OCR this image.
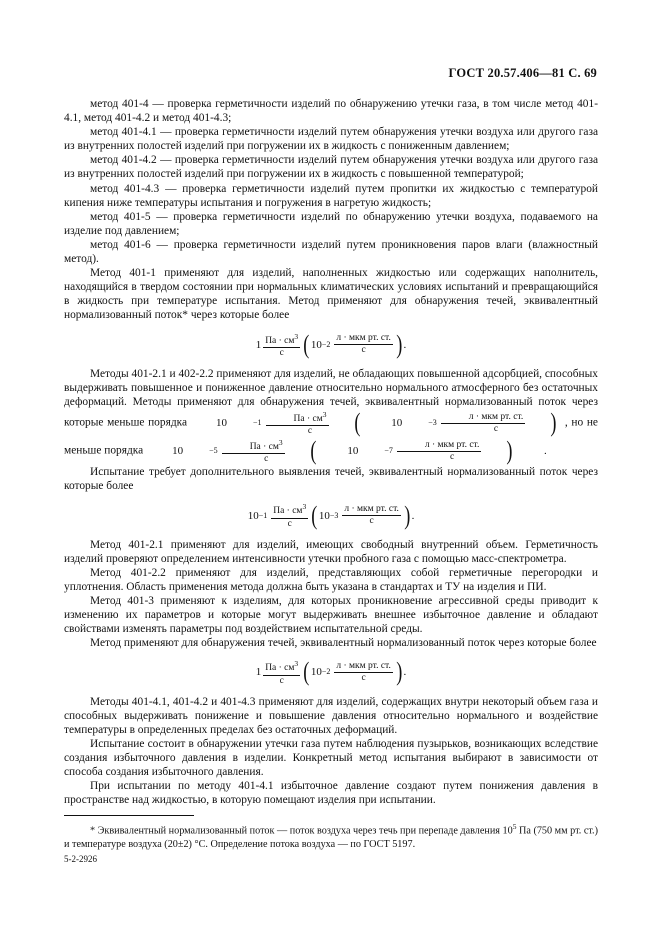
ГОСТ 20.57.406—81 С. 69

метод 401-4 — проверка герметичности изделий по обнаружению утечки газа, в том числе метод 401-4.1, метод 401-4.2 и метод 401-4.3;

метод 401-4.1 — проверка герметичности изделий путем обнаружения утечки воздуха или другого газа из внутренних полостей изделий при погружении их в жидкость с пониженным давлением;

метод 401-4.2 — проверка герметичности изделий путем обнаружения утечки воздуха или другого газа из внутренних полостей изделий при погружении их в жидкость с повышенной температурой;

метод 401-4.3 — проверка герметичности изделий путем пропитки их жидкостью с температурой кипения ниже температуры испытания и погружения в нагретую жидкость;

метод 401-5 — проверка герметичности изделий по обнаружению утечки воздуха, подаваемого на изделие под давлением;

метод 401-6 — проверка герметичности изделий путем проникновения паров влаги (влажностный метод).

Метод 401-1 применяют для изделий, наполненных жидкостью или содержащих наполнитель, находящийся в твердом состоянии при нормальных климатических условиях испытаний и превращающийся в жидкость при температуре испытания. Метод применяют для обнаружения течей, эквивалентный нормализованный поток* через которые более

$1 \frac{Па \cdot см^3}{с}$ ( $10 -2 \frac{\text{л · мкм рт. ст.}}{с}$ ) .

Методы 401-2.1 и 402-2.2 применяют для изделий, не обладающих повышенной адсорбцией, способных выдерживать повышенное и пониженное давление относительно нормального атмосферного без остаточных деформаций. Методы применяют для обнаружения течей, эквивалентный нормализованный поток через которые меньше порядка	10	$-1 \frac{Па \cdot см^3}{с}$ (	10	$-3 \frac{\text{л · мкм рт. ст.}}{с}$ ) , но не меньше порядка	10	$-5 \frac{Па \cdot см^3}{с}$ (	10	$-7 \frac{\text{л · мкм рт. ст.}}{с}$ )	.

Испытание требует дополнительного выявления течей, эквивалентный нормализованный поток через которые более

$10 -1 \frac{Па \cdot см^3}{с}$ ( $10 -3 \frac{\text{л · мкм рт. ст.}}{с}$ ) .

Метод 401-2.1 применяют для изделий, имеющих свободный внутренний объем. Герметичность изделий проверяют определением интенсивности утечки пробного газа с помощью масс-спектрометра.

Метод 401-2.2 применяют для изделий, представляющих собой герметичные перегородки и уплотнения. Область применения метода должна быть указана в стандартах и ТУ на изделия и ПИ.

Метод 401-3 применяют к изделиям, для которых проникновение агрессивной среды приводит к изменению их параметров и которые могут выдерживать внешнее избыточное давление и обладают свойствами изменять параметры под воздействием испытательной среды.

Метод применяют для обнаружения течей, эквивалентный нормализованный поток через которые более

$1 \frac{Па \cdot см^3}{с}$ ( $10 -2 \frac{\text{л · мкм рт. ст.}}{с}$ ) .

Методы 401-4.1, 401-4.2 и 401-4.3 применяют для изделий, содержащих внутри некоторый объем газа и способных выдерживать понижение и повышение давления относительно нормального и воздействие температуры в определенных пределах без остаточных деформаций.

Испытание состоит в обнаружении утечки газа путем наблюдения пузырьков, возникающих вследствие создания избыточного давления в изделии. Конкретный метод испытания выбирают в зависимости от способа создания избыточного давления.

При испытании по методу 401-4.1 избыточное давление создают путем понижения давления в пространстве над жидкостью, в которую помещают изделия при испытании.

* Эквивалентный нормализованный поток — поток воздуха через течь при перепаде давления $10^5$ Па (750 мм рт. ст.) и температуре воздуха (20±2) °С. Определение потока воздуха — по ГОСТ 5197.

5-2-2926
